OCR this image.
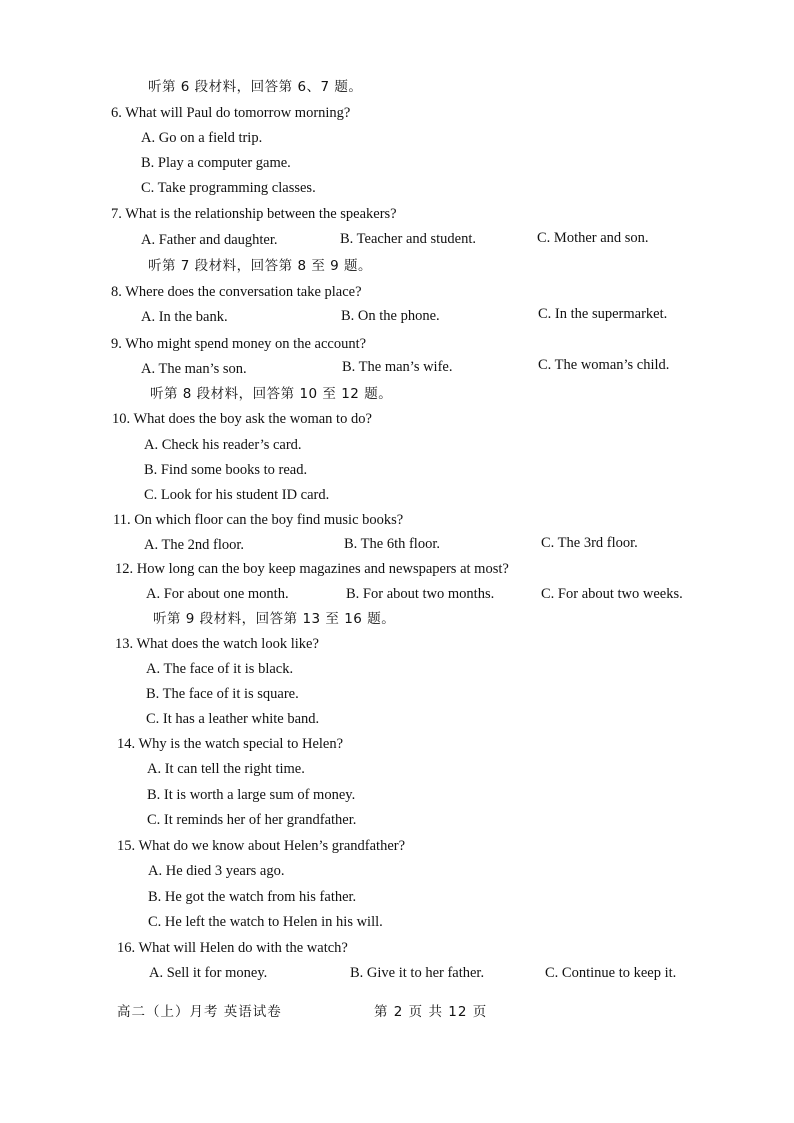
听第 6 段材料，回答第 6、7 题。
6. What will Paul do tomorrow morning?
A. Go on a field trip.
B. Play a computer game.
C. Take programming classes.
7. What is the relationship between the speakers?
A. Father and daughter.	B. Teacher and student.	C. Mother and son.
听第 7 段材料，回答第 8 至 9 题。
8. Where does the conversation take place?
A. In the bank.	B. On the phone.	C. In the supermarket.
9. Who might spend money on the account?
A. The man’s son.	B. The man’s wife.	C. The woman’s child.
听第 8 段材料，回答第 10 至 12 题。
10. What does the boy ask the woman to do?
A. Check his reader’s card.
B. Find some books to read.
C. Look for his student ID card.
11. On which floor can the boy find music books?
A. The 2nd floor.	B. The 6th floor.	C. The 3rd floor.
12. How long can the boy keep magazines and newspapers at most?
A. For about one month.	B. For about two months.	C. For about two weeks.
听第 9 段材料，回答第 13 至 16 题。
13. What does the watch look like?
A. The face of it is black.
B. The face of it is square.
C. It has a leather white band.
14. Why is the watch special to Helen?
A. It can tell the right time.
B. It is worth a large sum of money.
C. It reminds her of her grandfather.
15. What do we know about Helen’s grandfather?
A. He died 3 years ago.
B. He got the watch from his father.
C. He left the watch to Helen in his will.
16. What will Helen do with the watch?
A. Sell it for money.	B. Give it to her father.	C. Continue to keep it.
高二（上）月考 英语试卷	第 2 页 共 12 页
